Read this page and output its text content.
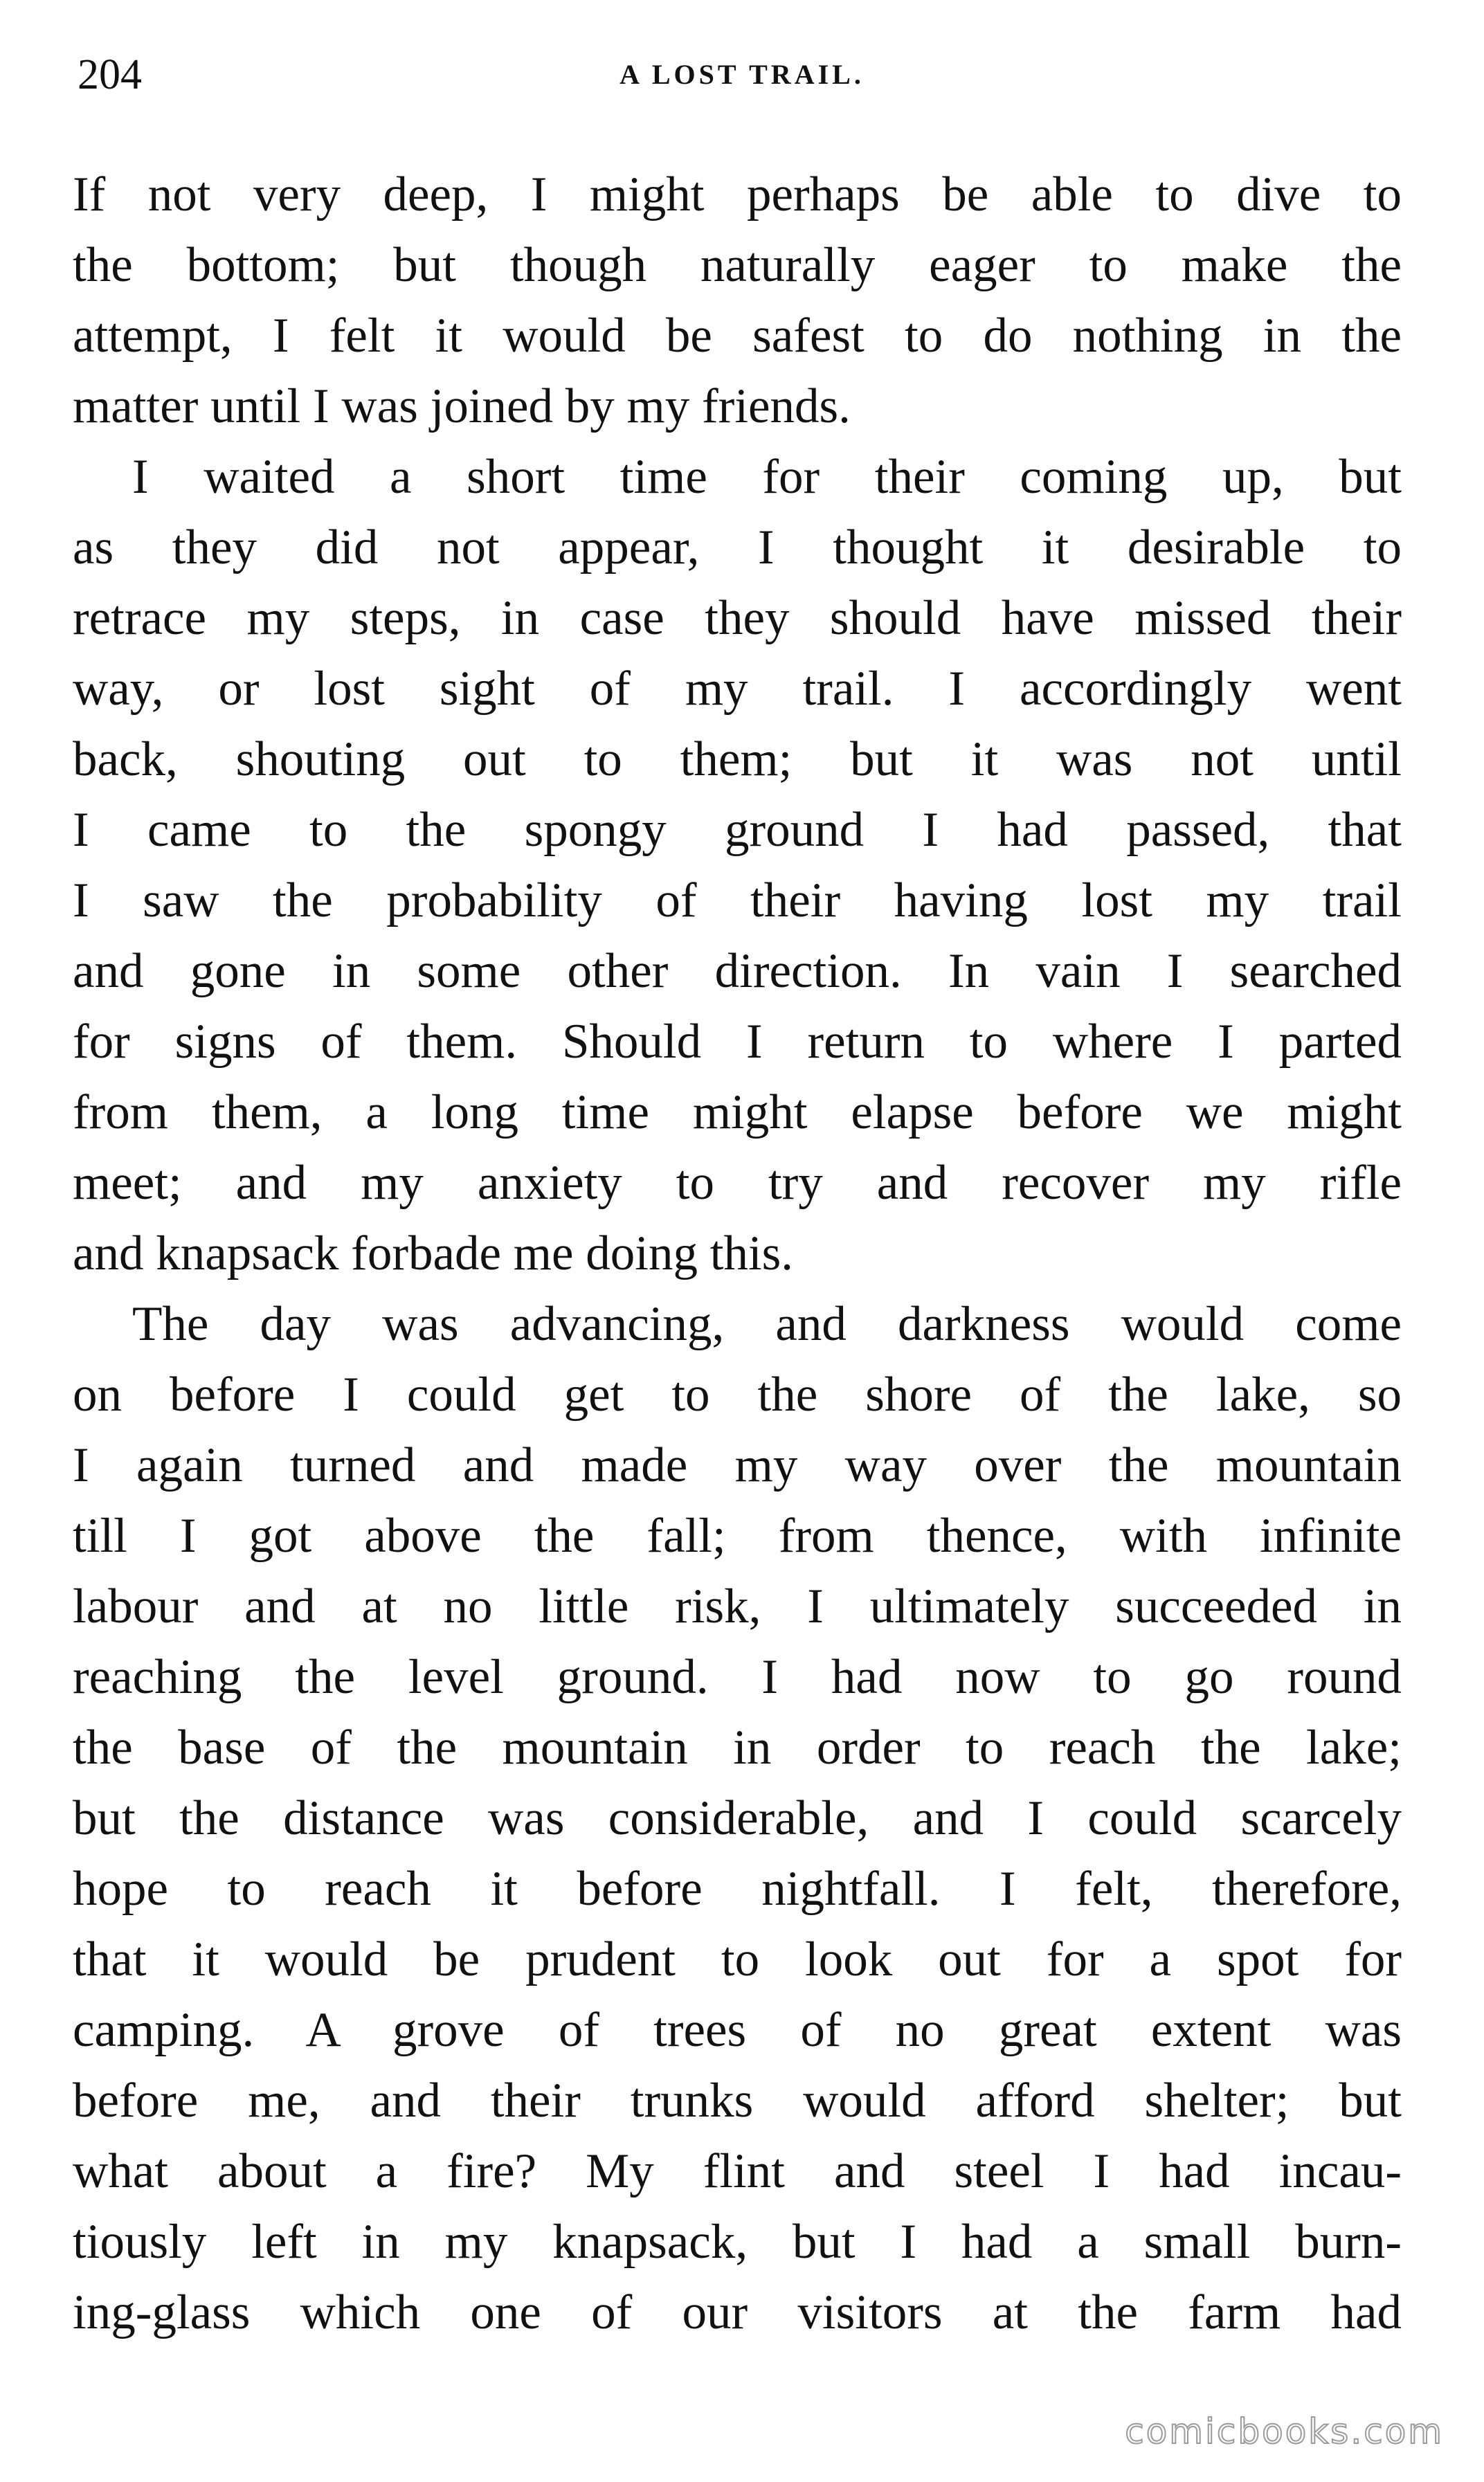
204	A LOST TRAIL.
If not very deep, I might perhaps be able to dive to
the bottom; but though naturally eager to make the
attempt, I felt it would be safest to do nothing in the
matter until I was joined by my friends.
I waited a short time for their coming up, but
as they did not appear, I thought it desirable to
retrace my steps, in case they should have missed their
way, or lost sight of my trail. I accordingly went
back, shouting out to them; but it was not until
I came to the spongy ground I had passed, that
I saw the probability of their having lost my trail
and gone in some other direction. In vain I searched
for signs of them. Should I return to where I parted
from them, a long time might elapse before we might
meet; and my anxiety to try and recover my rifle
and knapsack forbade me doing this.
The day was advancing, and darkness would come
on before I could get to the shore of the lake, so
I again turned and made my way over the mountain
till I got above the fall; from thence, with infinite
labour and at no little risk, I ultimately succeeded in
reaching the level ground. I had now to go round
the base of the mountain in order to reach the lake;
but the distance was considerable, and I could scarcely
hope to reach it before nightfall. I felt, therefore,
that it would be prudent to look out for a spot for
camping. A grove of trees of no great extent was
before me, and their trunks would afford shelter; but
what about a fire? My flint and steel I had incau-
tiously left in my knapsack, but I had a small burn-
ing-glass which one of our visitors at the farm had
comicbooks.com
